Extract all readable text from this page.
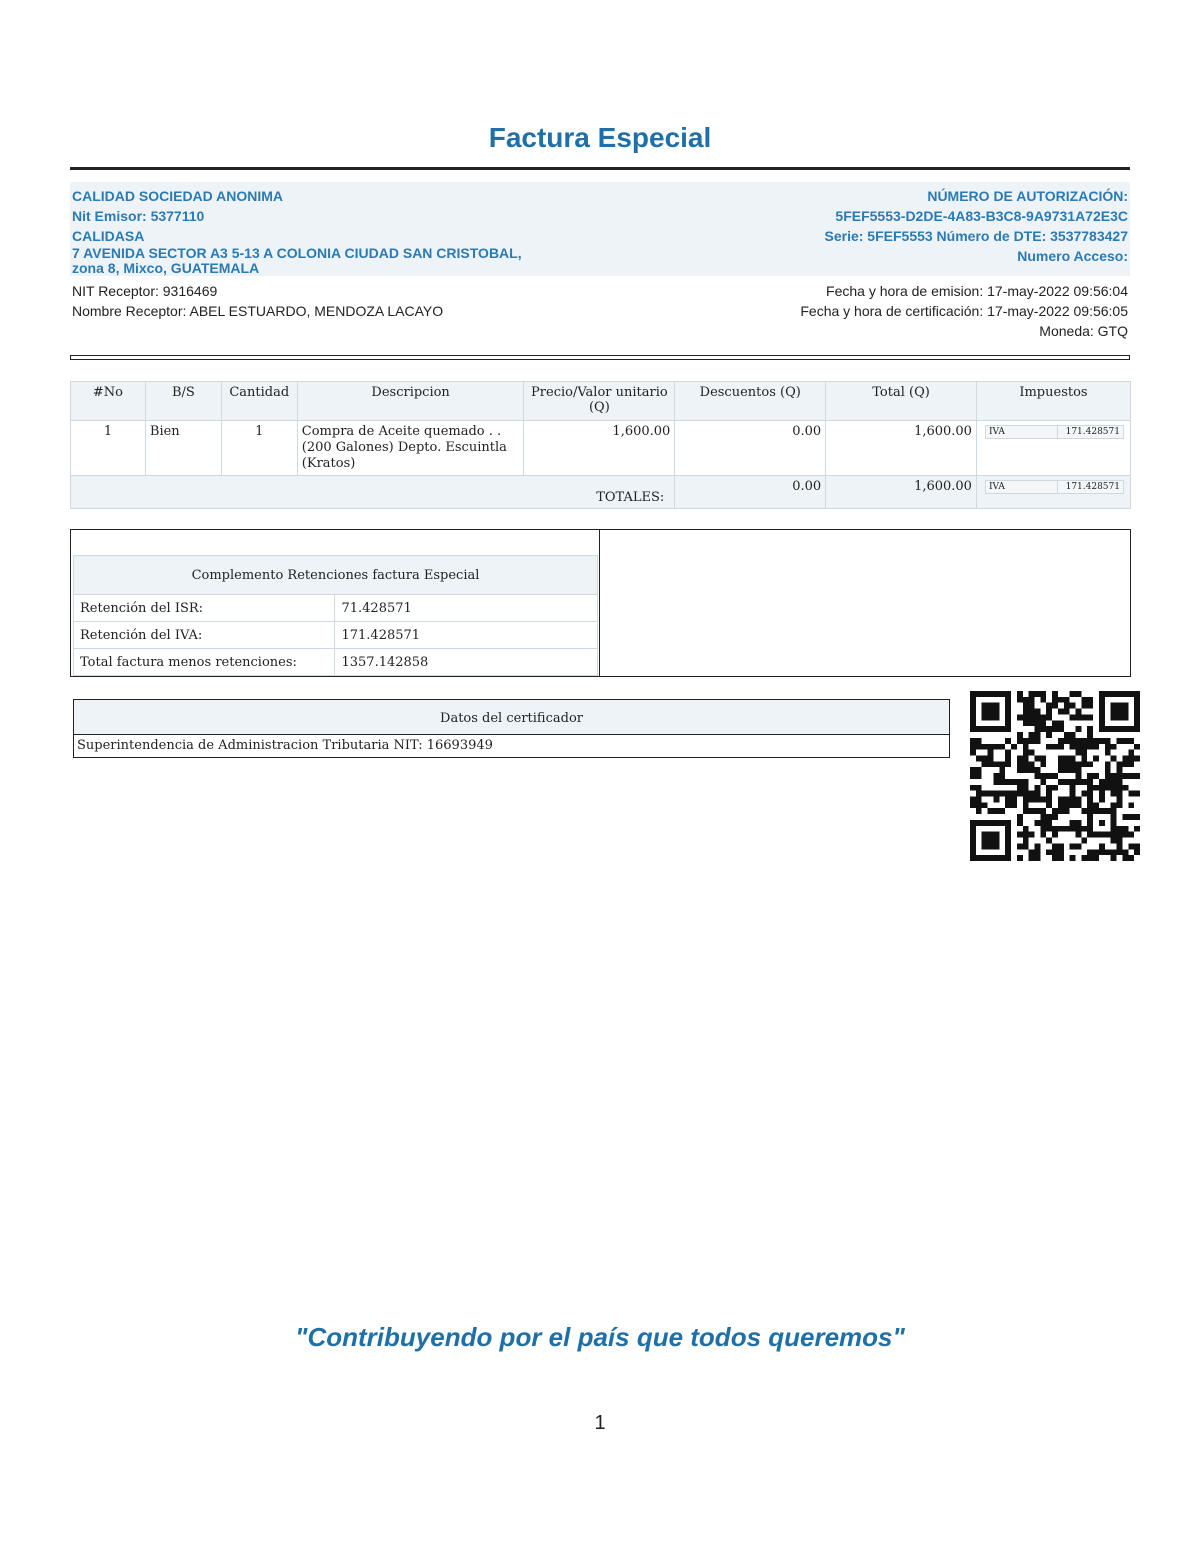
Factura Especial
CALIDAD SOCIEDAD ANONIMA
Nit Emisor: 5377110
CALIDASA
7 AVENIDA SECTOR A3 5-13 A COLONIA CIUDAD SAN CRISTOBAL,
zona 8, Mixco, GUATEMALA
NÚMERO DE AUTORIZACIÓN:
5FEF5553-D2DE-4A83-B3C8-9A9731A72E3C
Serie: 5FEF5553 Número de DTE: 3537783427
Numero Acceso:
NIT Receptor: 9316469
Nombre Receptor: ABEL ESTUARDO, MENDOZA LACAYO
Fecha y hora de emision: 17-may-2022 09:56:04
Fecha y hora de certificación: 17-may-2022 09:56:05
Moneda: GTQ
#No	B/S	Cantidad	Descripcion	Precio/Valor unitario (Q)	Descuentos (Q)	Total (Q)	Impuestos
1	Bien	1	Compra de Aceite quemado . . (200 Galones) Depto. Escuintla (Kratos)	1,600.00	0.00	1,600.00	IVA 171.428571

TOTALES:					0.00	1,600.00	IVA 171.428571
Complemento Retenciones factura Especial	
Retención del ISR:	71.428571
Retención del IVA:	171.428571
Total factura menos retenciones:	1357.142858
Datos del certificador
Superintendencia de Administracion Tributaria NIT: 16693949
"Contribuyendo por el país que todos queremos"
1
